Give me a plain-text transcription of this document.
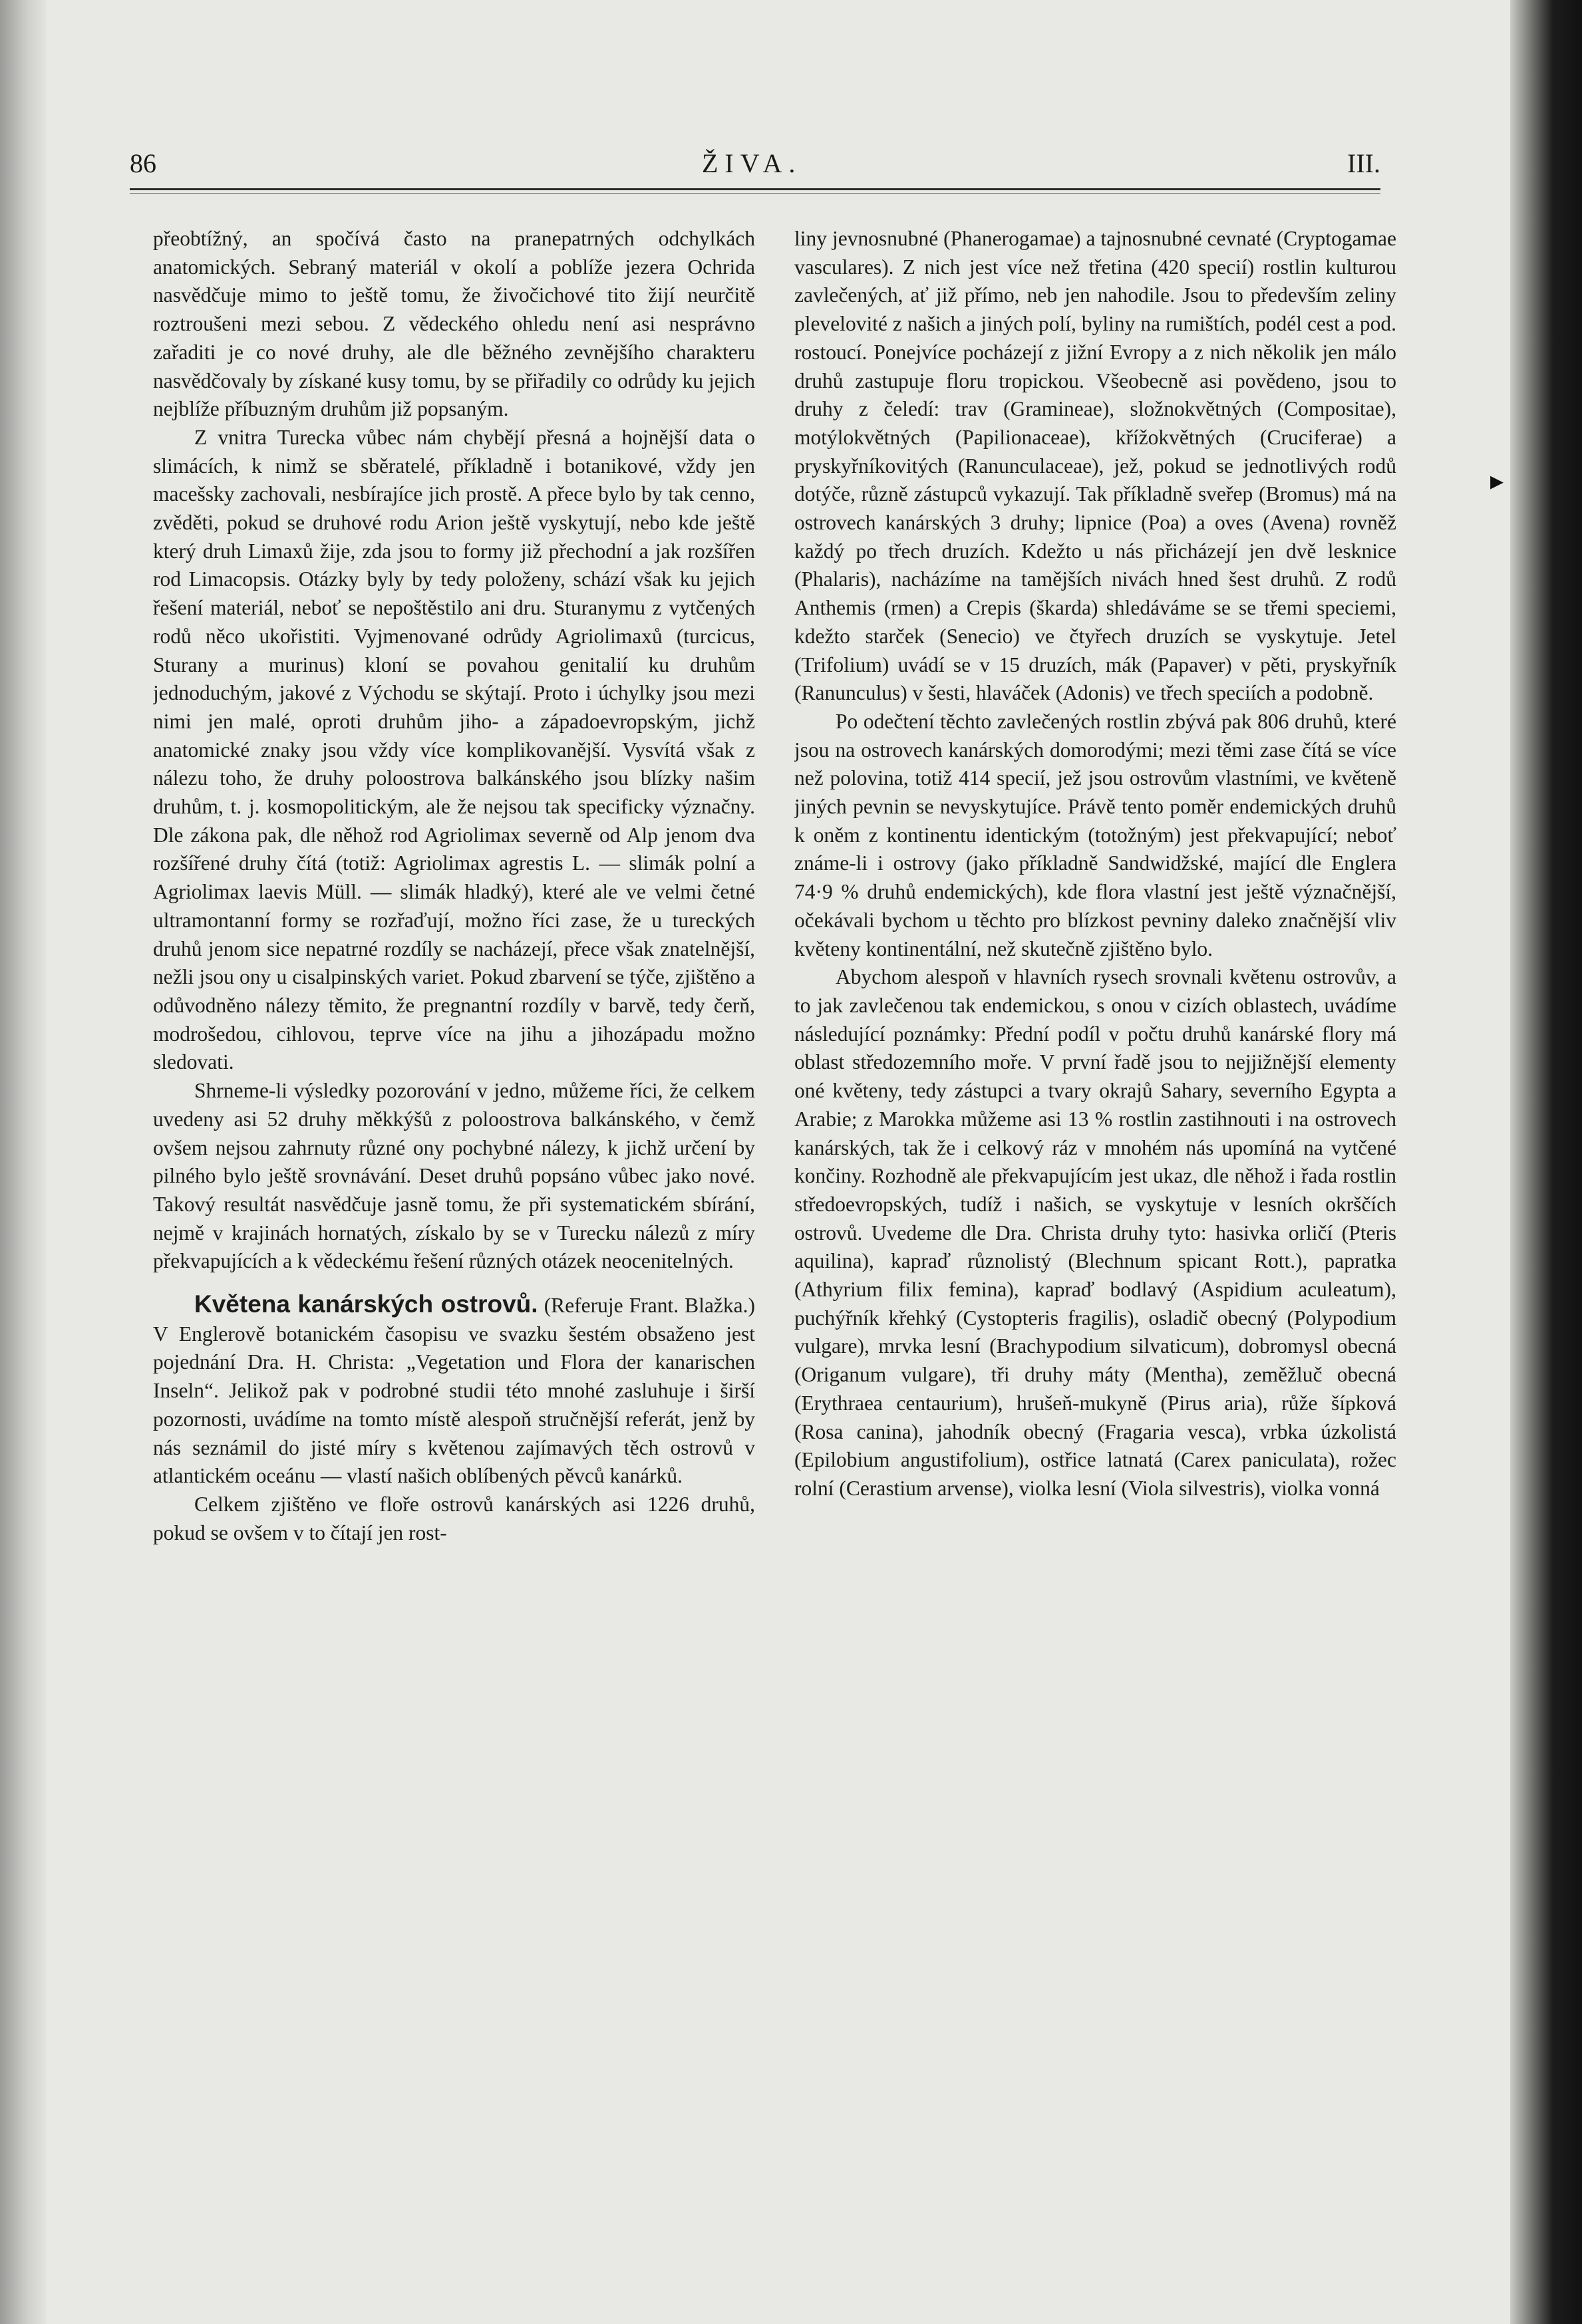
86	ŽIVA.	III.

přeobtížný, an spočívá často na pranepatrných odchylkách anatomických. Sebraný materiál v okolí a poblíže jezera Ochrida nasvědčuje mimo to ještě tomu, že živočichové tito žijí neurčitě roztroušeni mezi sebou. Z vědeckého ohledu není asi nesprávno zařaditi je co nové druhy, ale dle běžného zevnějšího charakteru nasvědčovaly by získané kusy tomu, by se přiřadily co odrůdy ku jejich nejblíže příbuzným druhům již popsaným.

Z vnitra Turecka vůbec nám chybějí přesná a hojnější data o slimácích, k nimž se sběratelé, příkladně i botanikové, vždy jen macešsky zachovali, nesbírajíce jich prostě. A přece bylo by tak cenno, zvěděti, pokud se druhové rodu Arion ještě vyskytují, nebo kde ještě který druh Limaxů žije, zda jsou to formy již přechodní a jak rozšířen rod Limacopsis. Otázky byly by tedy položeny, schází však ku jejich řešení materiál, neboť se nepoštěstilo ani dru. Sturanymu z vytčených rodů něco ukořistiti. Vyjmenované odrůdy Agriolimaxů (turcicus, Sturany a murinus) kloní se povahou genitalií ku druhům jednoduchým, jakové z Východu se skýtají. Proto i úchylky jsou mezi nimi jen malé, oproti druhům jiho- a západoevropským, jichž anatomické znaky jsou vždy více komplikovanější. Vysvítá však z nálezu toho, že druhy poloostrova balkánského jsou blízky našim druhům, t. j. kosmopolitickým, ale že nejsou tak specificky význačny. Dle zákona pak, dle něhož rod Agriolimax severně od Alp jenom dva rozšířené druhy čítá (totiž: Agriolimax agrestis L. — slimák polní a Agriolimax laevis Müll. — slimák hladký), které ale ve velmi četné ultramontanní formy se rozřaďují, možno říci zase, že u tureckých druhů jenom sice nepatrné rozdíly se nacházejí, přece však znatelnější, nežli jsou ony u cisalpinských variet. Pokud zbarvení se týče, zjištěno a odůvodněno nálezy těmito, že pregnantní rozdíly v barvě, tedy čerň, modrošedou, cihlovou, teprve více na jihu a jihozápadu možno sledovati.

Shrneme-li výsledky pozorování v jedno, můžeme říci, že celkem uvedeny asi 52 druhy měkkýšů z poloostrova balkánského, v čemž ovšem nejsou zahrnuty různé ony pochybné nálezy, k jichž určení by pilného bylo ještě srovnávání. Deset druhů popsáno vůbec jako nové. Takový resultát nasvědčuje jasně tomu, že při systematickém sbírání, nejmě v krajinách hornatých, získalo by se v Turecku nálezů z míry překvapujících a k vědeckému řešení různých otázek neocenitelných.

Květena kanárských ostrovů. (Referuje Frant. Blažka.) V Englerově botanickém časopisu ve svazku šestém obsaženo jest pojednání Dra. H. Christa: „Vegetation und Flora der kanarischen Inseln“. Jelikož pak v podrobné studii této mnohé zasluhuje i širší pozornosti, uvádíme na tomto místě alespoň stručnější referát, jenž by nás seznámil do jisté míry s květenou zajímavých těch ostrovů v atlantickém oceánu — vlastí našich oblíbených pěvců kanárků.

Celkem zjištěno ve floře ostrovů kanárských asi 1226 druhů, pokud se ovšem v to čítají jen rost-

liny jevnosnubné (Phanerogamae) a tajnosnubné cevnaté (Cryptogamae vasculares). Z nich jest více než třetina (420 specií) rostlin kulturou zavlečených, ať již přímo, neb jen nahodile. Jsou to především zeliny plevelovité z našich a jiných polí, byliny na rumištích, podél cest a pod. rostoucí. Ponejvíce pocházejí z jižní Evropy a z nich několik jen málo druhů zastupuje floru tropickou. Všeobecně asi povědeno, jsou to druhy z čeledí: trav (Gramineae), složnokvětných (Compositae), motýlokvětných (Papilionaceae), křížokvětných (Cruciferae) a pryskyřníkovitých (Ranunculaceae), jež, pokud se jednotlivých rodů dotýče, různě zástupců vykazují. Tak příkladně sveřep (Bromus) má na ostrovech kanárských 3 druhy; lipnice (Poa) a oves (Avena) rovněž každý po třech druzích. Kdežto u nás přicházejí jen dvě lesknice (Phalaris), nacházíme na tamějších nivách hned šest druhů. Z rodů Anthemis (rmen) a Crepis (škarda) shledáváme se se třemi speciemi, kdežto starček (Senecio) ve čtyřech druzích se vyskytuje. Jetel (Trifolium) uvádí se v 15 druzích, mák (Papaver) v pěti, pryskyřník (Ranunculus) v šesti, hlaváček (Adonis) ve třech speciích a podobně.

Po odečtení těchto zavlečených rostlin zbývá pak 806 druhů, které jsou na ostrovech kanárských domorodými; mezi těmi zase čítá se více než polovina, totiž 414 specií, jež jsou ostrovům vlastními, ve květeně jiných pevnin se nevyskytujíce. Právě tento poměr endemických druhů k oněm z kontinentu identickým (totožným) jest překvapující; neboť známe-li i ostrovy (jako příkladně Sandwidžské, mající dle Englera 74·9 % druhů endemických), kde flora vlastní jest ještě význačnější, očekávali bychom u těchto pro blízkost pevniny daleko značnější vliv květeny kontinentální, než skutečně zjištěno bylo.

Abychom alespoň v hlavních rysech srovnali květenu ostrovův, a to jak zavlečenou tak endemickou, s onou v cizích oblastech, uvádíme následující poznámky: Přední podíl v počtu druhů kanárské flory má oblast středozemního moře. V první řadě jsou to nejjižnější elementy oné květeny, tedy zástupci a tvary okrajů Sahary, severního Egypta a Arabie; z Marokka můžeme asi 13 % rostlin zastihnouti i na ostrovech kanárských, tak že i celkový ráz v mnohém nás upomíná na vytčené končiny. Rozhodně ale překvapujícím jest ukaz, dle něhož i řada rostlin středoevropských, tudíž i našich, se vyskytuje v lesních okrščích ostrovů. Uvedeme dle Dra. Christa druhy tyto: hasivka orličí (Pteris aquilina), kapraď různolistý (Blechnum spicant Rott.), papratka (Athyrium filix femina), kapraď bodlavý (Aspidium aculeatum), puchýřník křehký (Cystopteris fragilis), osladič obecný (Polypodium vulgare), mrvka lesní (Brachypodium silvaticum), dobromysl obecná (Origanum vulgare), tři druhy máty (Mentha), zeměžluč obecná (Erythraea centaurium), hrušeň-mukyně (Pirus aria), růže šípková (Rosa canina), jahodník obecný (Fragaria vesca), vrbka úzkolistá (Epilobium angustifolium), ostřice latnatá (Carex paniculata), rožec rolní (Cerastium arvense), violka lesní (Viola silvestris), violka vonná

▸
